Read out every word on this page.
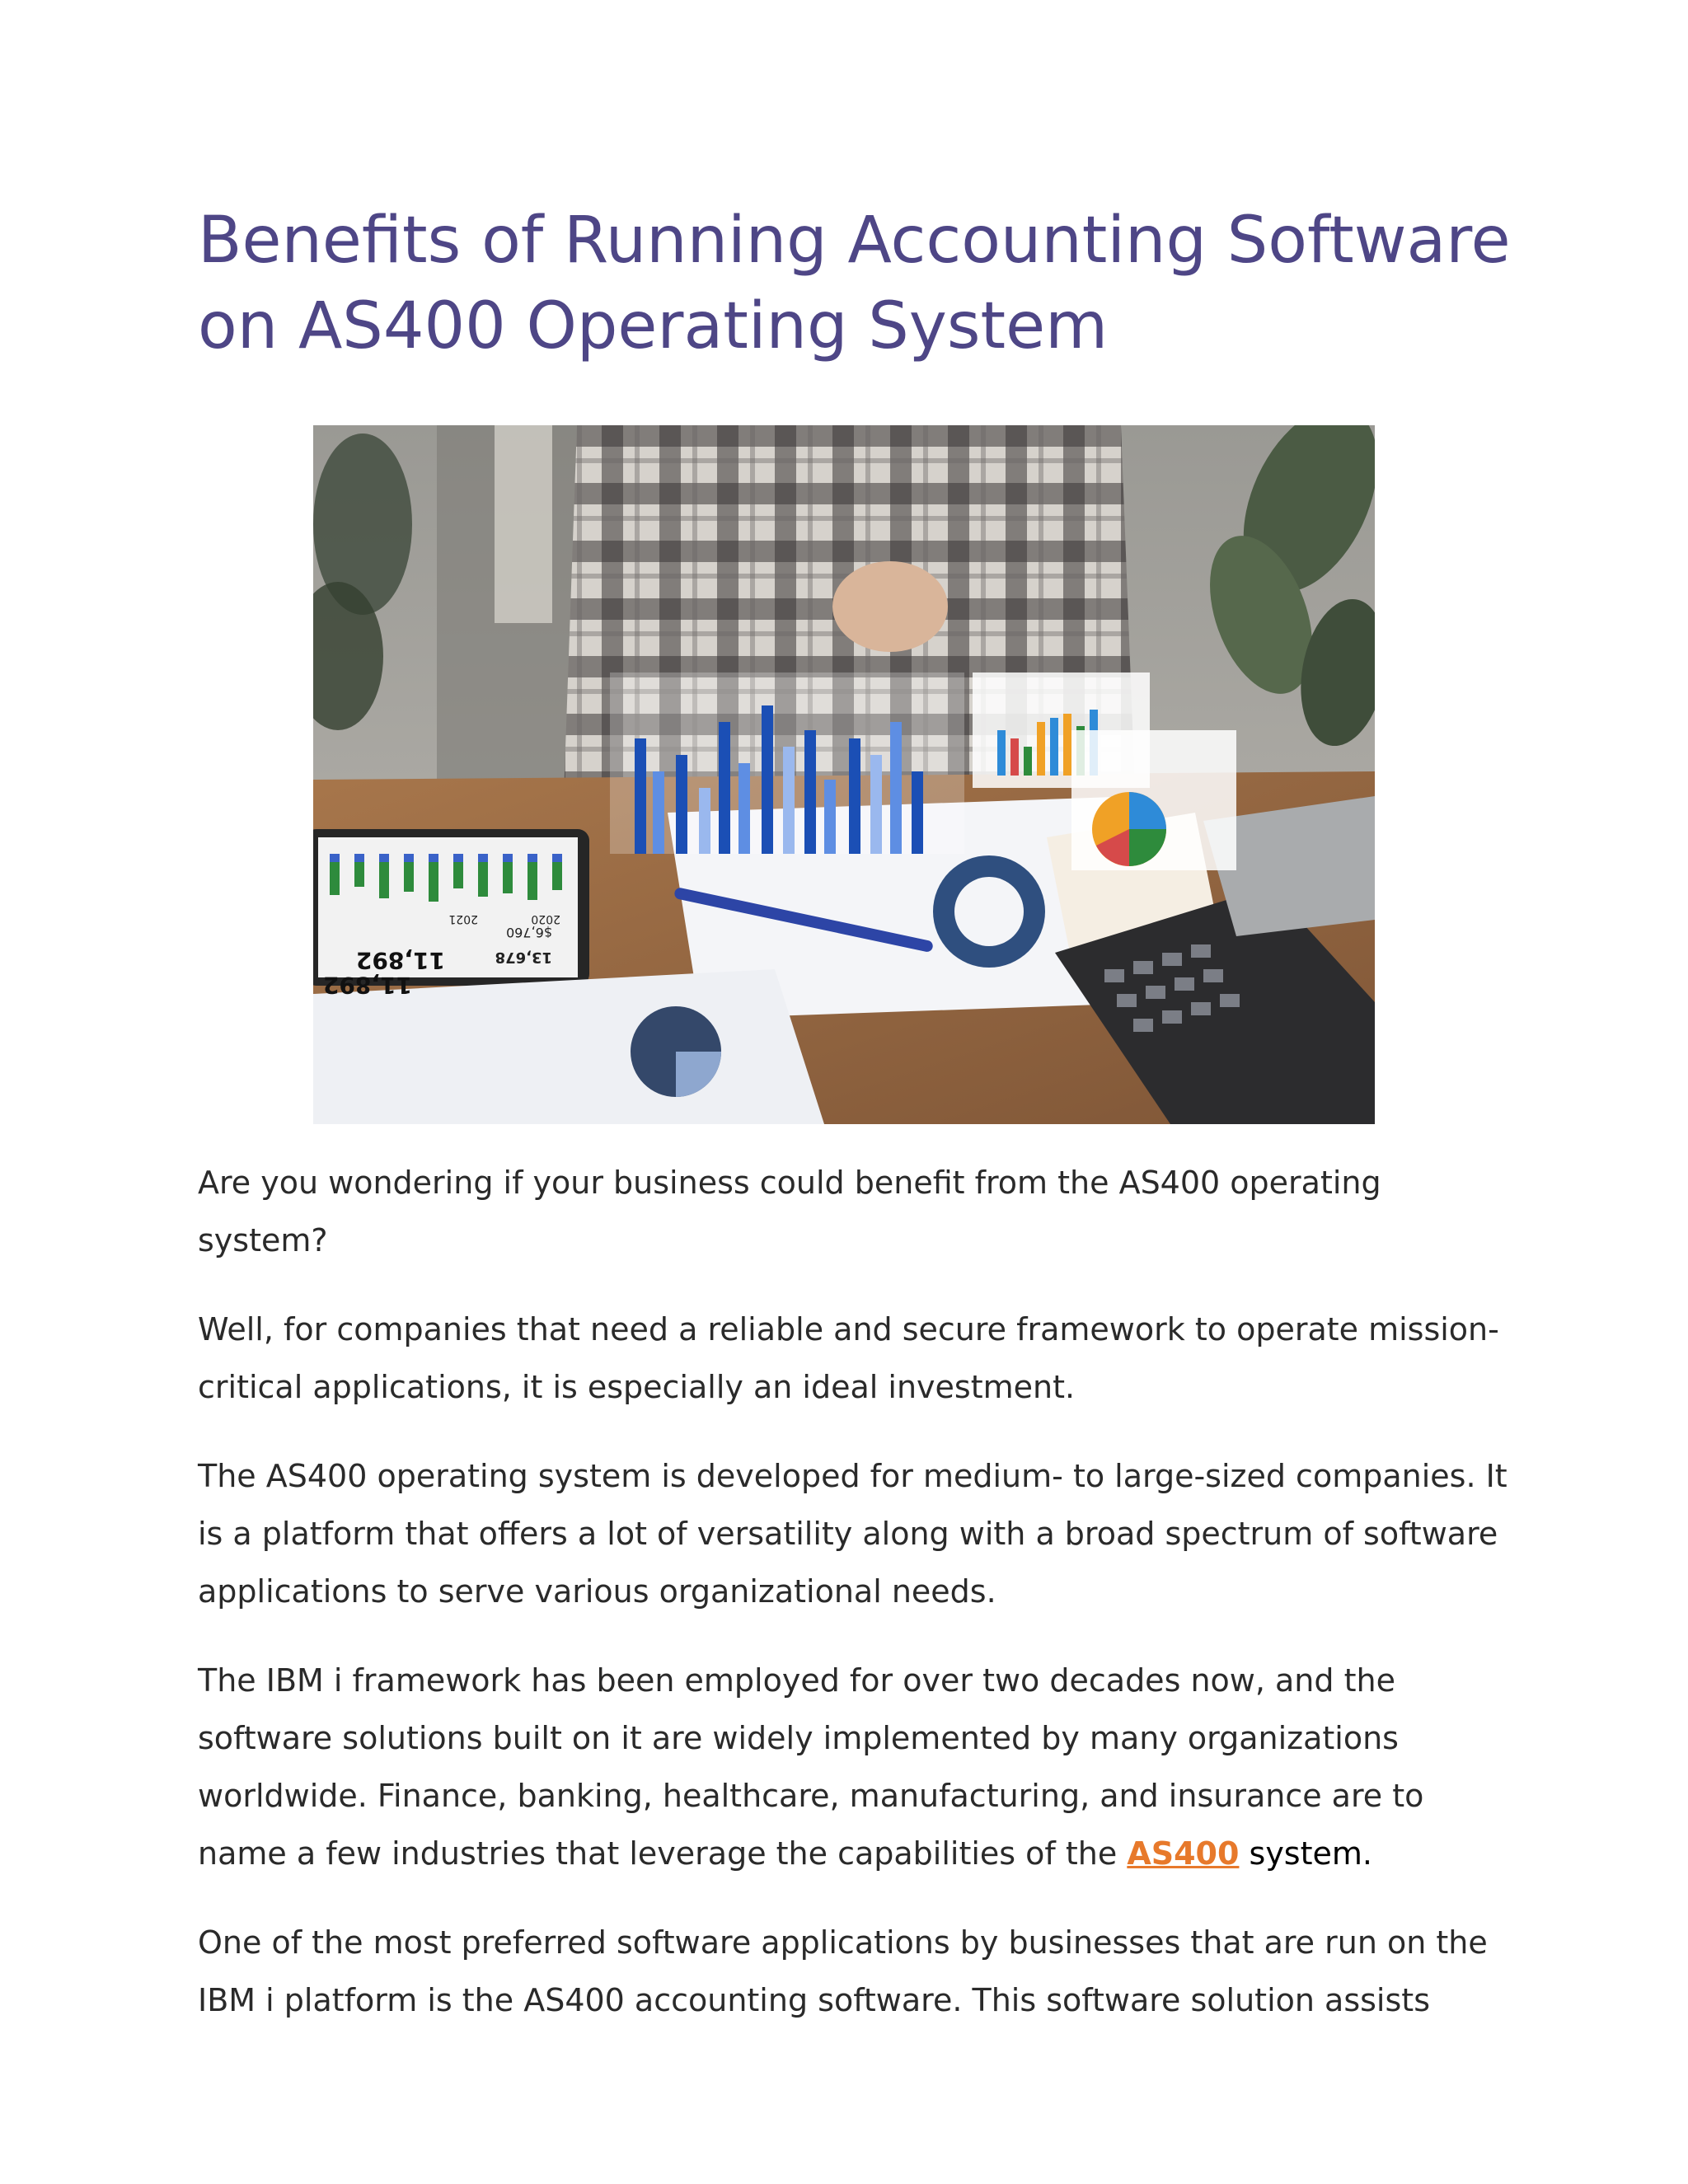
Benefits of Running Accounting Software on AS400 Operating System
11,892	13,678
$6,760
2021	2020
11,892

Are you wondering if your business could benefit from the AS400 operating system?

Well, for companies that need a reliable and secure framework to operate mission-critical applications, it is especially an ideal investment.

The AS400 operating system is developed for medium- to large-sized companies. It is a platform that offers a lot of versatility along with a broad spectrum of software applications to serve various organizational needs.

The IBM i framework has been employed for over two decades now, and the software solutions built on it are widely implemented by many organizations worldwide. Finance, banking, healthcare, manufacturing, and insurance are to name a few industries that leverage the capabilities of the AS400 system.

One of the most preferred software applications by businesses that are run on the IBM i platform is the AS400 accounting software. This software solution assists
